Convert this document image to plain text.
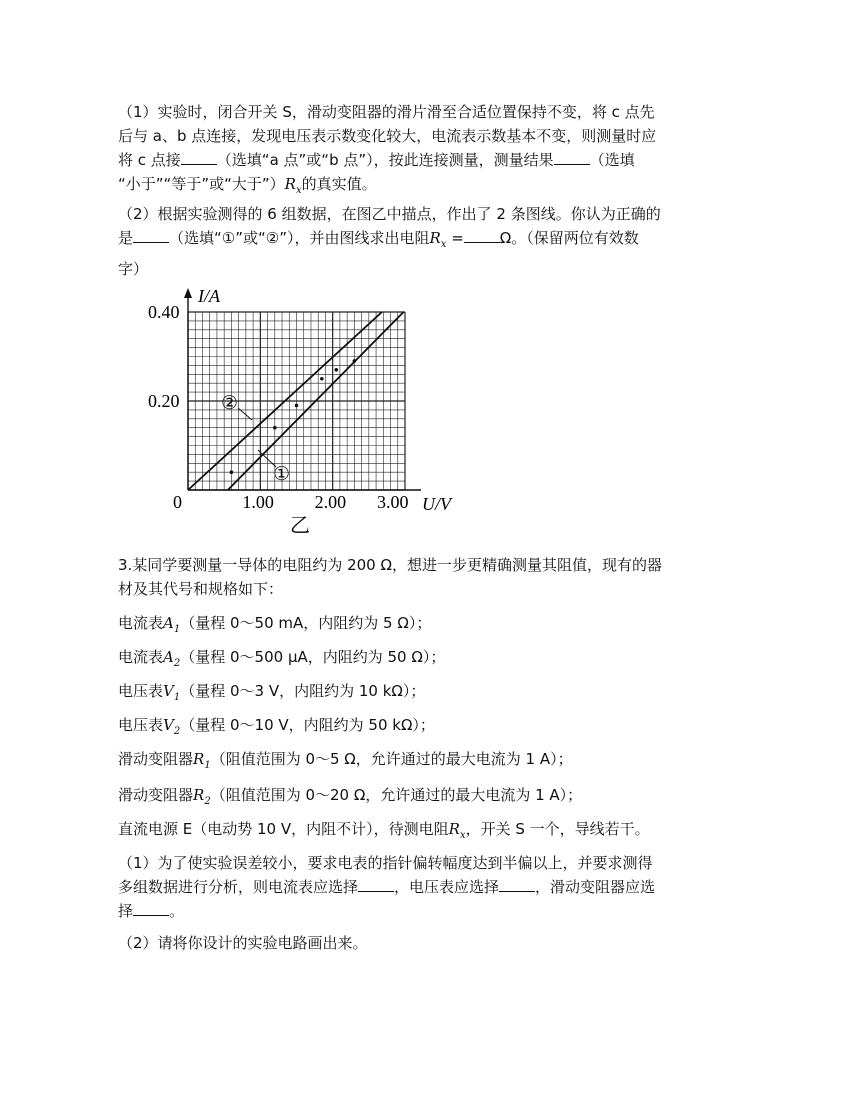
（1）实验时，闭合开关 S，滑动变阻器的滑片滑至合适位置保持不变，将 c 点先
后与 a、b 点连接，发现电压表示数变化较大，电流表示数基本不变，则测量时应
将 c 点接 （选填“a 点”或“b 点”），按此连接测量，测量结果 （选填
“小于”“等于”或“大于$”)R_x$的真实值。
（2）根据实验测得的 6 组数据，在图乙中描点，作出了 2 条图线。你认为正确的
是 （选填“①”或“②”），并由图线求出电阻$R_x = \Omega$。（保留两位有效数
字）
1.00 2.00 3.00
0.40
0.20 ②
①
I/A
U/V
0
乙
3.某同学要测量一导体的电阻约为 200 Ω，想进一步更精确测量其阻值，现有的器
材及其代号和规格如下：
电流表$A_1$（量程 0～50 mA，内阻约为 5 Ω）；
电流表$A_2$（量程 0～500 μA，内阻约为 50 Ω）；
电压表$V_1$（量程 0～3 V，内阻约为 10 kΩ）；
电压表$V_2$（量程 0～10 V，内阻约为 50 kΩ）；
滑动变阻器$R_1$（阻值范围为 0～5 Ω，允许通过的最大电流为 1 A）；
滑动变阻器$R_2$（阻值范围为 0～20 Ω，允许通过的最大电流为 1 A）；
直流电源 E（电动势 10 V，内阻不计），待测电阻$R_x$，开关 S 一个，导线若干。
（1）为了使实验误差较小，要求电表的指针偏转幅度达到半偏以上，并要求测得
多组数据进行分析，则电流表应选择 ，电压表应选择 ，滑动变阻器应选
择 。
（2）请将你设计的实验电路画出来。
